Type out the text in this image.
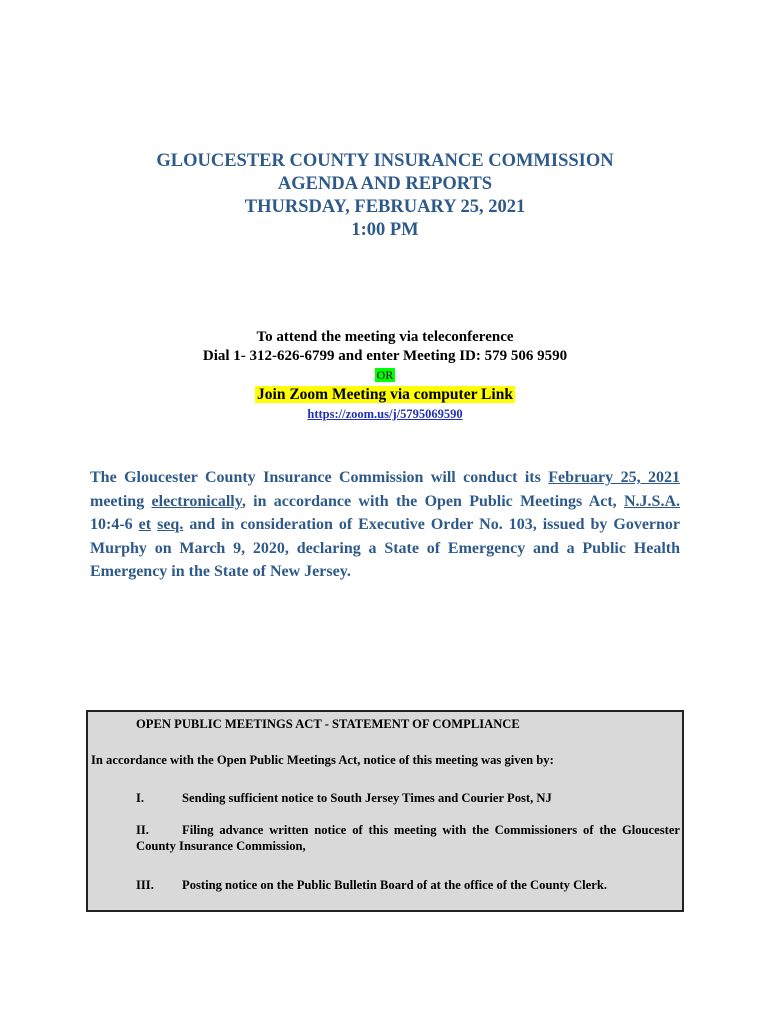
GLOUCESTER COUNTY INSURANCE COMMISSION
AGENDA AND REPORTS
THURSDAY, FEBRUARY 25, 2021
1:00 PM
To attend the meeting via teleconference
Dial 1- 312-626-6799 and enter Meeting ID: 579 506 9590
OR
Join Zoom Meeting via computer Link
https://zoom.us/j/5795069590
The Gloucester County Insurance Commission will conduct its February 25, 2021 meeting electronically, in accordance with the Open Public Meetings Act, N.J.S.A. 10:4-6 et seq. and in consideration of Executive Order No. 103, issued by Governor Murphy on March 9, 2020, declaring a State of Emergency and a Public Health Emergency in the State of New Jersey.
OPEN PUBLIC MEETINGS ACT - STATEMENT OF COMPLIANCE
In accordance with the Open Public Meetings Act, notice of this meeting was given by:
I.	Sending sufficient notice to South Jersey Times and Courier Post, NJ
II.	Filing advance written notice of this meeting with the Commissioners of the Gloucester County Insurance Commission,
III. Posting notice on the Public Bulletin Board of at the office of the County Clerk.
